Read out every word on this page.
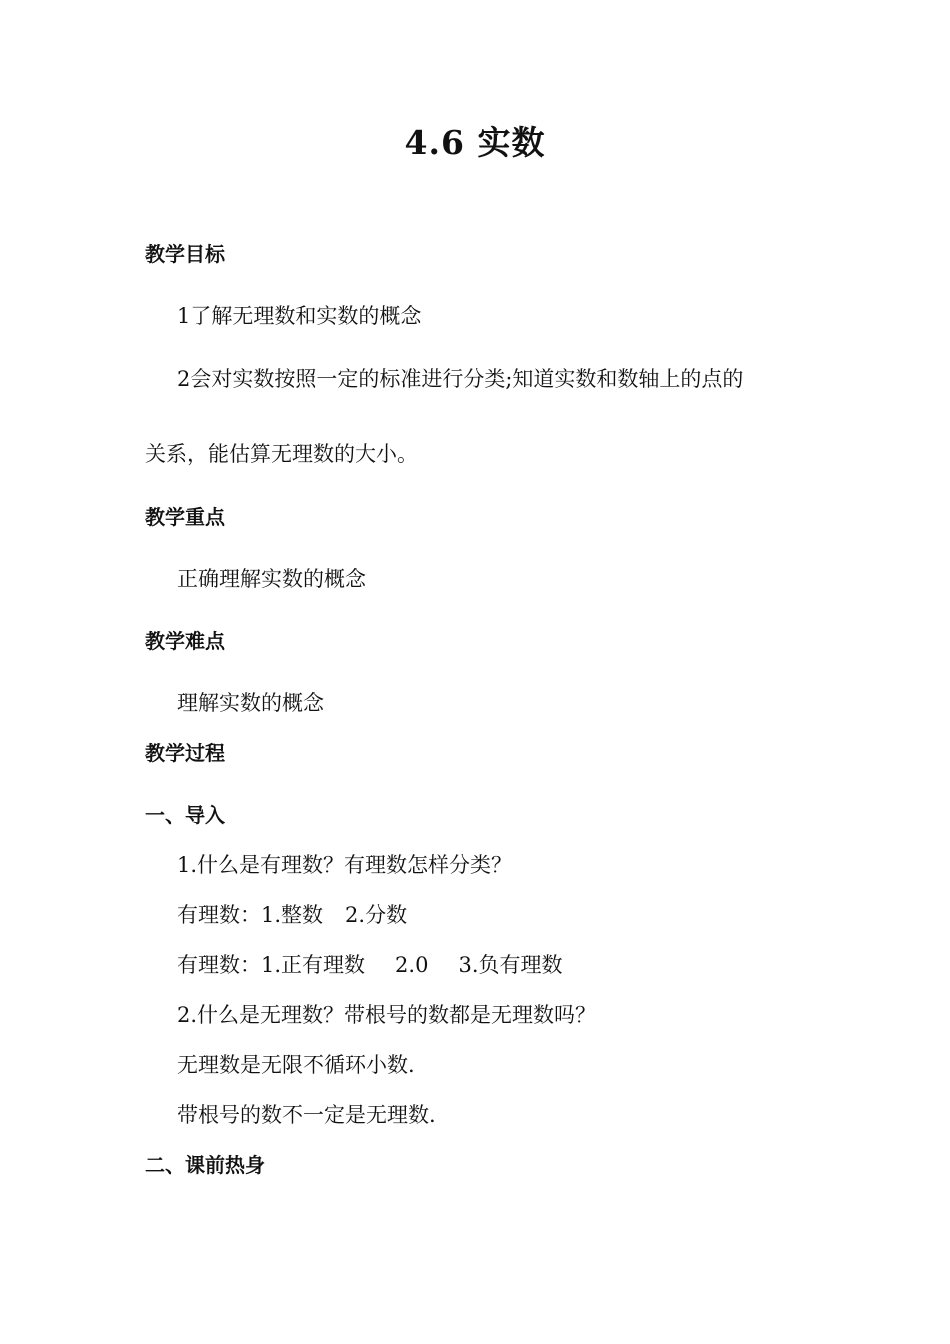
4.6 实数
教学目标
1了解无理数和实数的概念
2会对实数按照一定的标准进行分类;知道实数和数轴上的点的
关系，能估算无理数的大小。
教学重点
正确理解实数的概念
教学难点
理解实数的概念
教学过程
一、导入
1.什么是有理数？有理数怎样分类？
有理数：1.整数 2.分数
有理数：1.正有理数 2.0 3.负有理数
2.什么是无理数？带根号的数都是无理数吗？
无理数是无限不循环小数.
带根号的数不一定是无理数.
二、课前热身
